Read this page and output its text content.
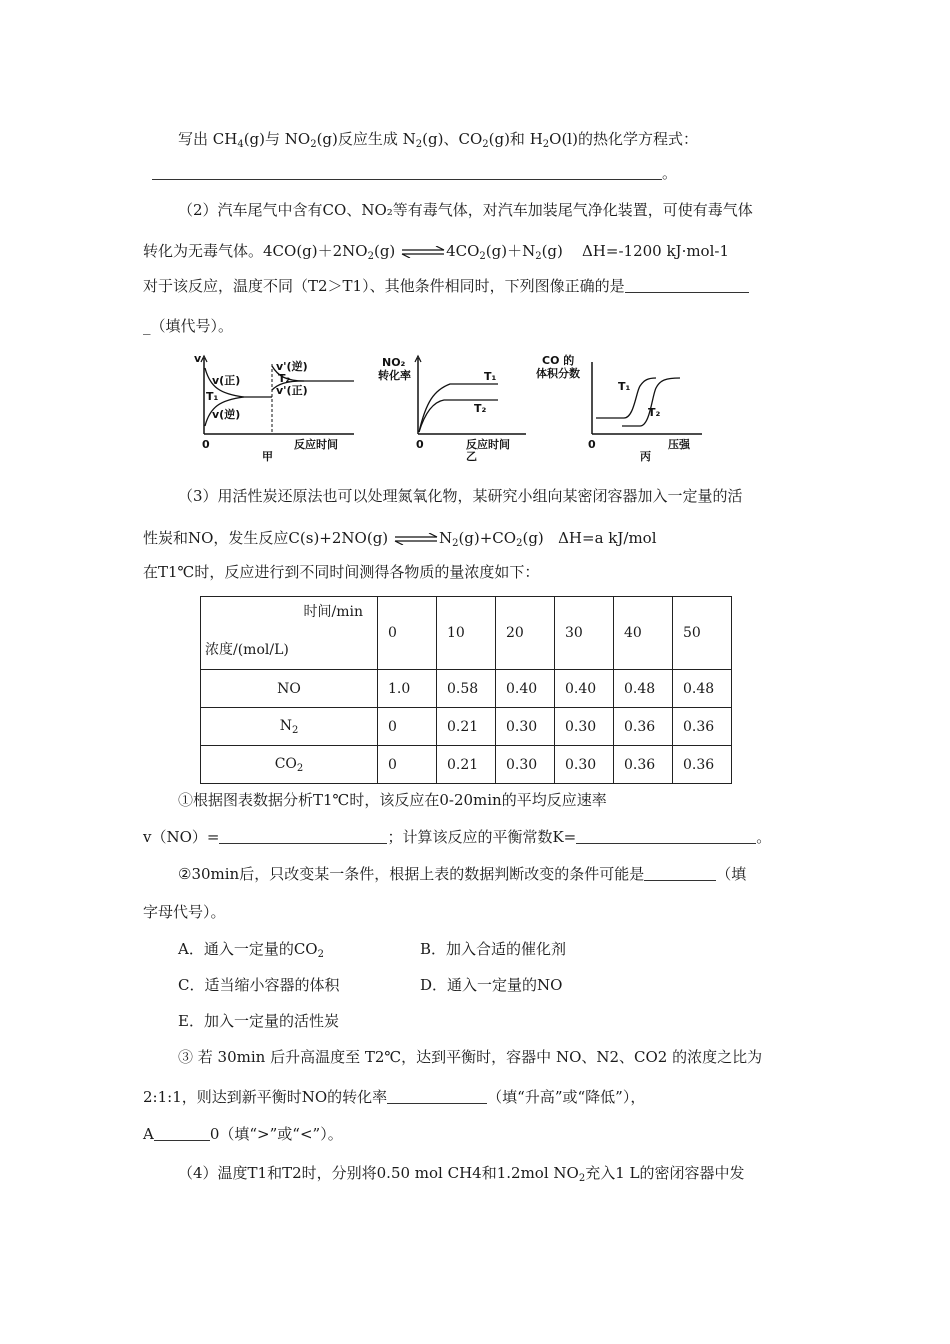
写出 $CH_4(g)$与 $NO_2(g)$反应生成 $N_2(g)$、$CO_2(g)$和 $H_2O(l)$的热化学方程式：
。
（2）汽车尾气中含有CO、NO₂等有毒气体，对汽车加装尾气净化装置，可使有毒气体
转化为无毒气体。$4CO(g)+2NO_2(g)$ $\rightleftharpoons 4CO_2(g)+N_2(g)$ ΔH=-1200 kJ·mol-1
对于该反应，温度不同（T2＞T1）、其他条件相同时，下列图像正确的是
_（填代号）。
v
0	反应时间
v(正)
T₁
v(逆)
v'(逆)
T₂
v'(正)
甲
NO₂
转化率
0	反应时间
T₁
T₂
乙
CO 的
体积分数
0	压强
T₁
T₂
丙
（3）用活性炭还原法也可以处理氮氧化物，某研究小组向某密闭容器加入一定量的活
性炭和NO，发生反应C(s)+2NO(g) $\rightleftharpoons N_2(g)+CO_2(g)$ ΔH=a kJ/mol
在T1℃时，反应进行到不同时间测得各物质的量浓度如下：
时间/min
浓度/(mol/L)	0	10	20	30	40	50
NO	1.0	0.58	0.40	0.40	0.48	0.48
$N_2$	0	0.21	0.30	0.30	0.36	0.36
$CO_2$	0	0.21	0.30	0.30	0.36	0.36
①根据图表数据分析T1℃时，该反应在0-20min的平均反应速率
v（NO）=	；计算该反应的平衡常数K=	。
②30min后，只改变某一条件，根据上表的数据判断改变的条件可能是	（填
字母代号）。
A．通入一定量的$CO_2$	B．加入合适的催化剂
C．适当缩小容器的体积	D．通入一定量的NO
E．加入一定量的活性炭
③ 若 30min 后升高温度至 T2℃，达到平衡时，容器中 NO、N2、CO2 的浓度之比为
2:1:1，则达到新平衡时NO的转化率	（填“升高”或“降低”），
A	0（填“>”或“<”）。
（4）温度T1和T2时，分别将0.50 mol CH4和1.2mol $NO_2$充入1 L的密闭容器中发
